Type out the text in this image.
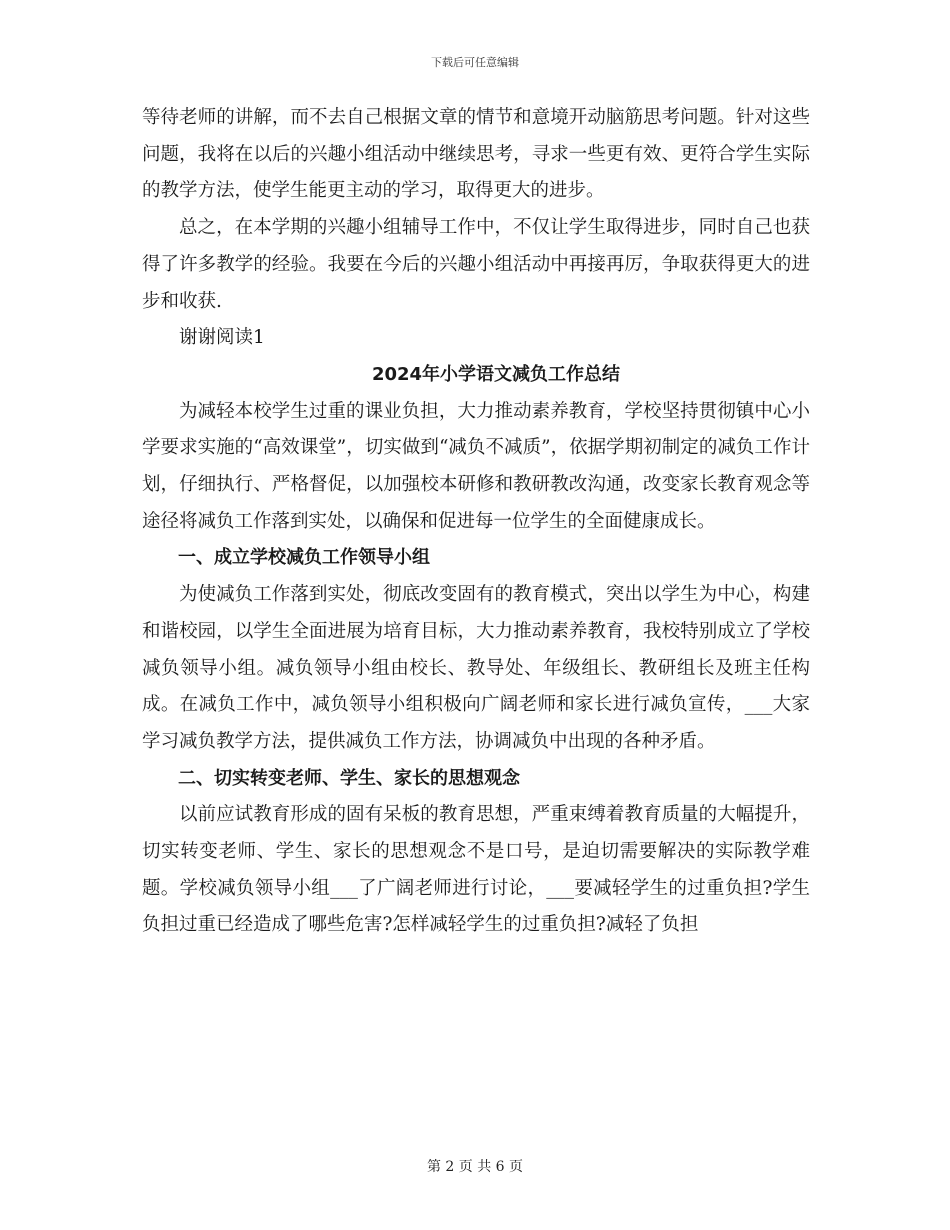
下载后可任意编辑

等待老师的讲解，而不去自己根据文章的情节和意境开动脑筋思考问题。针对这些问题，我将在以后的兴趣小组活动中继续思考，寻求一些更有效、更符合学生实际的教学方法，使学生能更主动的学习，取得更大的进步。

总之，在本学期的兴趣小组辅导工作中，不仅让学生取得进步，同时自己也获得了许多教学的经验。我要在今后的兴趣小组活动中再接再厉，争取获得更大的进步和收获.

谢谢阅读1

2024年小学语文减负工作总结

为减轻本校学生过重的课业负担，大力推动素养教育，学校坚持贯彻镇中心小学要求实施的“高效课堂”，切实做到“减负不减质”，依据学期初制定的减负工作计划，仔细执行、严格督促，以加强校本研修和教研教改沟通，改变家长教育观念等途径将减负工作落到实处，以确保和促进每一位学生的全面健康成长。

一、成立学校减负工作领导小组

为使减负工作落到实处，彻底改变固有的教育模式，突出以学生为中心，构建和谐校园，以学生全面进展为培育目标，大力推动素养教育，我校特别成立了学校减负领导小组。减负领导小组由校长、教导处、年级组长、教研组长及班主任构成。在减负工作中，减负领导小组积极向广阔老师和家长进行减负宣传，___大家学习减负教学方法，提供减负工作方法，协调减负中出现的各种矛盾。

二、切实转变老师、学生、家长的思想观念

以前应试教育形成的固有呆板的教育思想，严重束缚着教育质量的大幅提升，切实转变老师、学生、家长的思想观念不是口号，是迫切需要解决的实际教学难题。学校减负领导小组___了广阔老师进行讨论，___要减轻学生的过重负担?学生负担过重已经造成了哪些危害?怎样减轻学生的过重负担?减轻了负担

第 2 页 共 6 页
